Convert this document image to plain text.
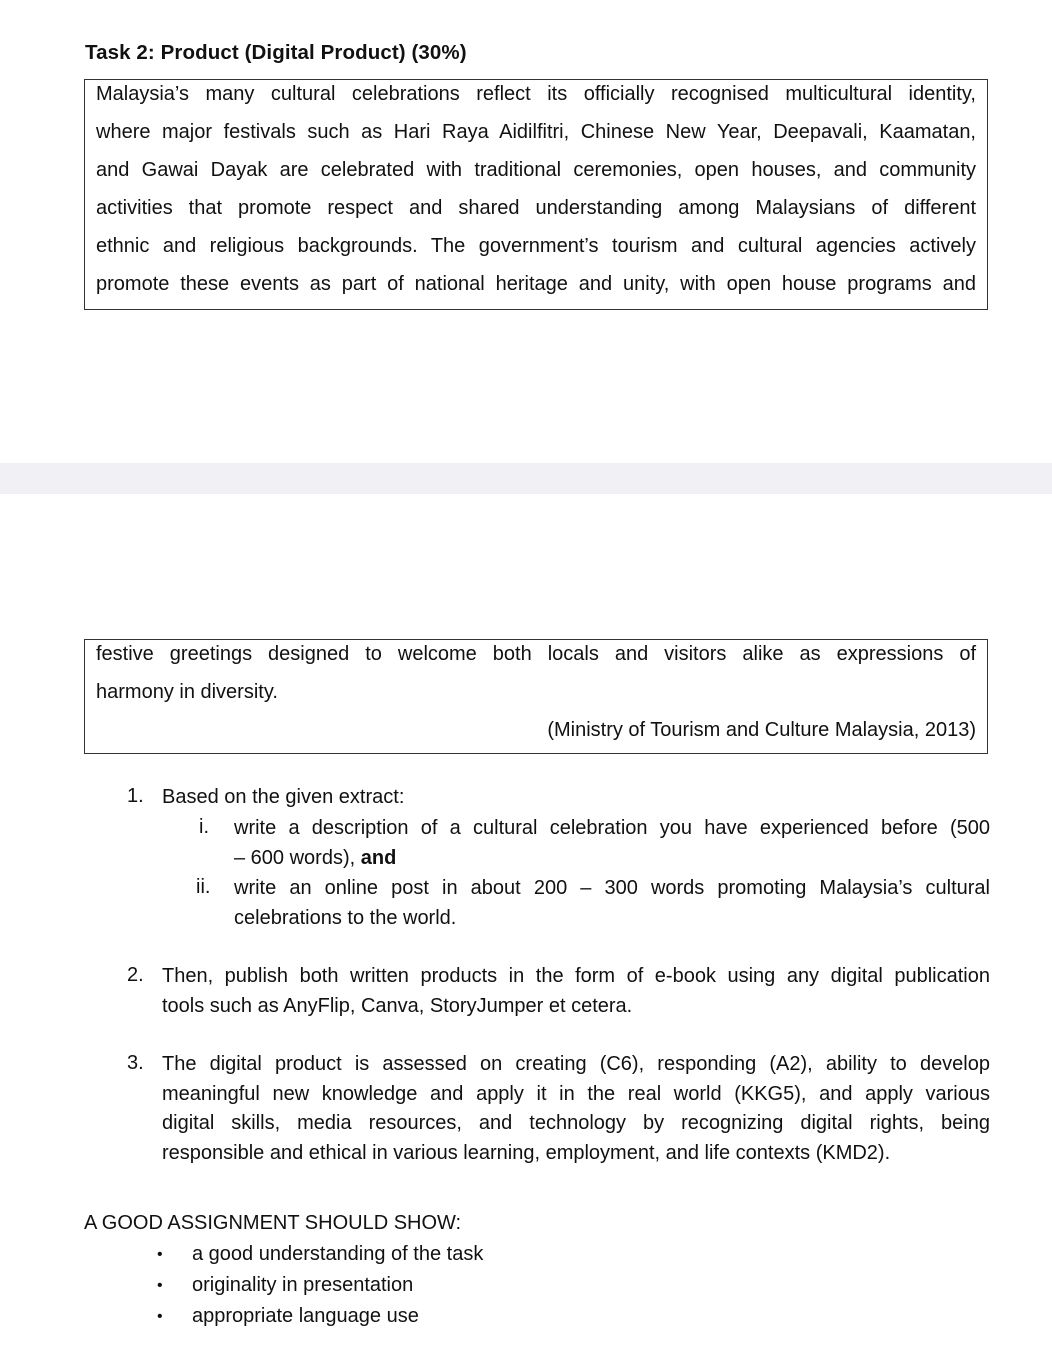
Task 2: Product (Digital Product) (30%)
Malaysia’s many cultural celebrations reflect its officially recognised multicultural identity,
where major festivals such as Hari Raya Aidilfitri, Chinese New Year, Deepavali, Kaamatan,
and Gawai Dayak are celebrated with traditional ceremonies, open houses, and community
activities that promote respect and shared understanding among Malaysians of different
ethnic and religious backgrounds. The government’s tourism and cultural agencies actively
promote these events as part of national heritage and unity, with open house programs and
festive greetings designed to welcome both locals and visitors alike as expressions of
harmony in diversity.
(Ministry of Tourism and Culture Malaysia, 2013)
1. Based on the given extract:
i. write a description of a cultural celebration you have experienced before (500
– 600 words), and
ii. write an online post in about 200 – 300 words promoting Malaysia’s cultural
celebrations to the world.
2. Then, publish both written products in the form of e-book using any digital publication
tools such as AnyFlip, Canva, StoryJumper et cetera.
3. The digital product is assessed on creating (C6), responding (A2), ability to develop
meaningful new knowledge and apply it in the real world (KKG5), and apply various
digital skills, media resources, and technology by recognizing digital rights, being
responsible and ethical in various learning, employment, and life contexts (KMD2).
A GOOD ASSIGNMENT SHOULD SHOW:
• a good understanding of the task
• originality in presentation
• appropriate language use
